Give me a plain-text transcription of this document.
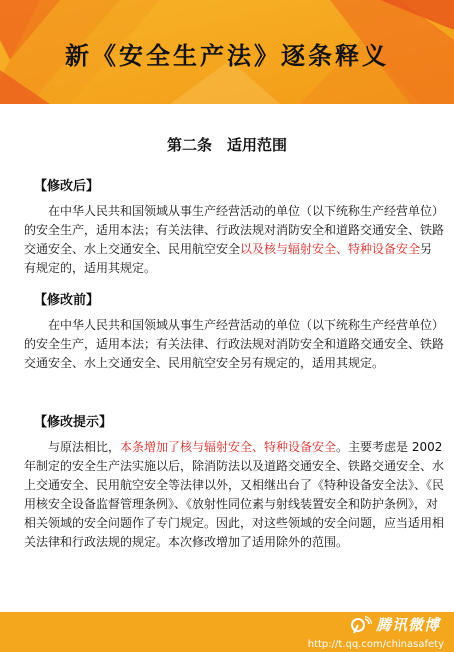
新《安全生产法》逐条释义
第二条　适用范围
【修改后】

在中华人民共和国领域从事生产经营活动的单位（以下统称生产经营单位）的安全生产，适用本法；有关法律、行政法规对消防安全和道路交通安全、铁路交通安全、水上交通安全、民用航空安全以及核与辐射安全、特种设备安全另有规定的，适用其规定。

【修改前】

在中华人民共和国领域从事生产经营活动的单位（以下统称生产经营单位）的安全生产，适用本法；有关法律、行政法规对消防安全和道路交通安全、铁路交通安全、水上交通安全、民用航空安全另有规定的，适用其规定。

【修改提示】

与原法相比，本条增加了核与辐射安全、特种设备安全。主要考虑是 2002 年制定的安全生产法实施以后，除消防法以及道路交通安全、铁路交通安全、水上交通安全、民用航空安全等法律以外，又相继出台了《特种设备安全法》、《民用核安全设备监督管理条例》、《放射性同位素与射线装置安全和防护条例》，对相关领域的安全问题作了专门规定。因此，对这些领域的安全问题，应当适用相关法律和行政法规的规定。本次修改增加了适用除外的范围。

腾讯微博
http://t.qq.com/chinasafety
